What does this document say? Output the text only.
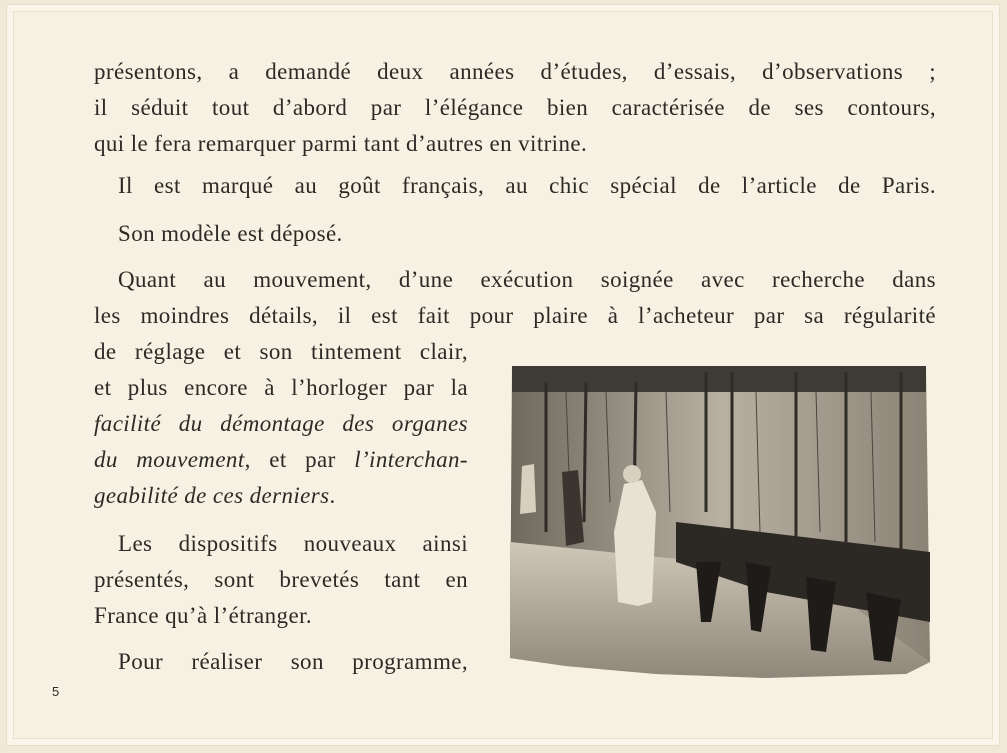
présentons, a demandé deux années d’études, d’essais, d’observations ;
il séduit tout d’abord par l’élégance bien caractérisée de ses contours,
qui le fera remarquer parmi tant d’autres en vitrine.
Il est marqué au goût français, au chic spécial de l’article de Paris.
Son modèle est déposé.
Quant au mouvement, d’une exécution soignée avec recherche dans
les moindres détails, il est fait pour plaire à l’acheteur par sa régularité
de réglage et son tintement clair,
et plus encore à l’horloger par la
facilité du démontage des organes
du mouvement, et par l’interchan-
geabilité de ces derniers.
Les dispositifs nouveaux ainsi
présentés, sont brevetés tant en
France qu’à l’étranger.
Pour réaliser son programme,
5
